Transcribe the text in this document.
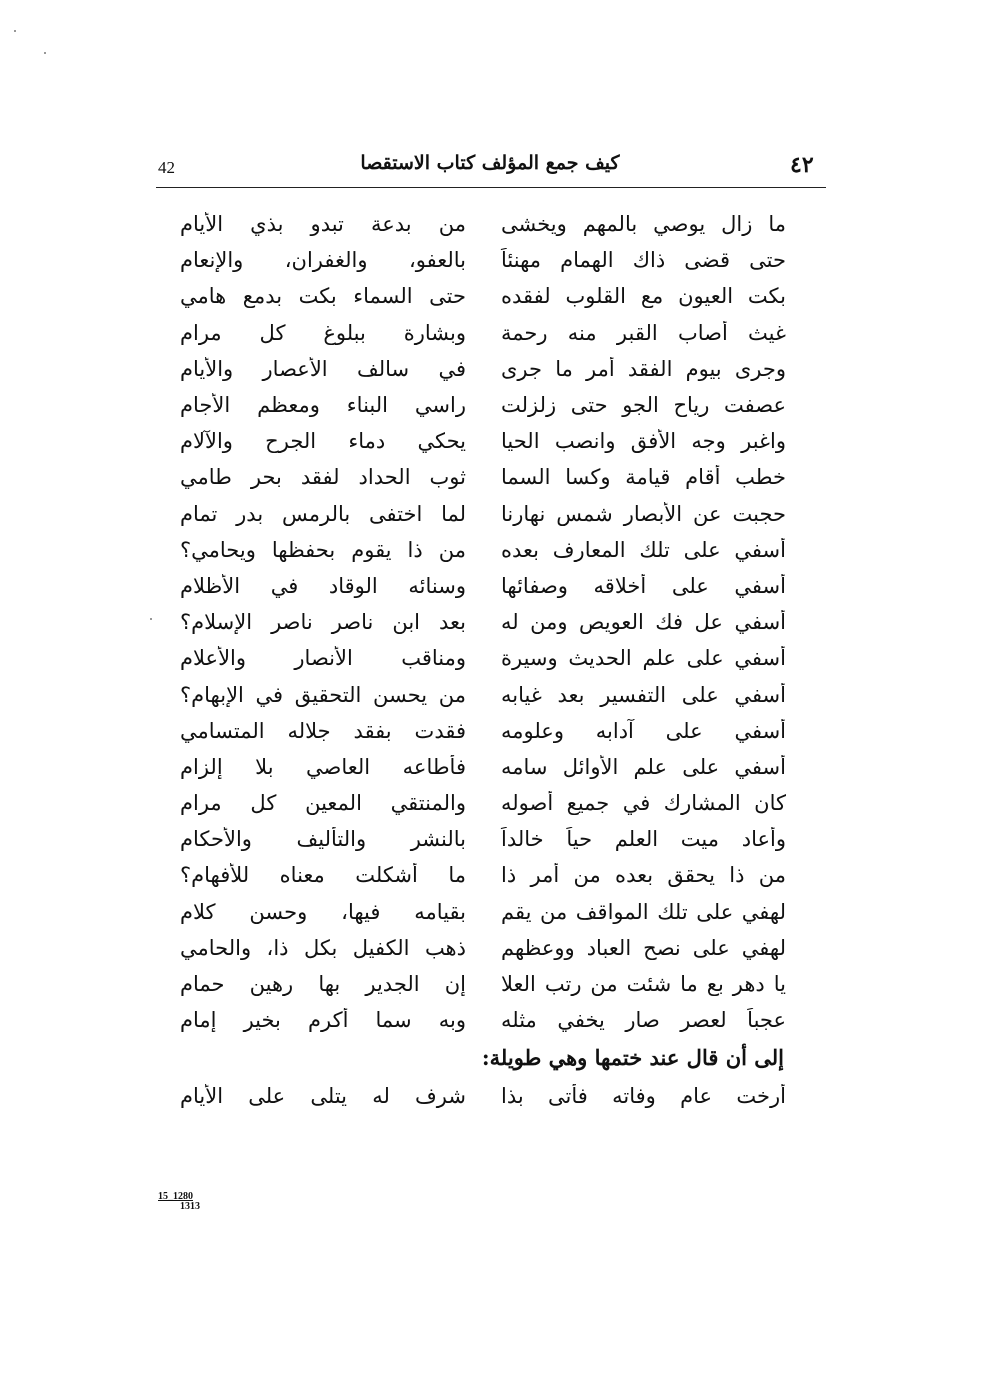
42	كيف جمع المؤلف كتاب الاستقصا	٤٢
ما زال يوصي بالمهم ويخشى
من بدعة تبدو بذي الأيام
حتى قضى ذاك الهمام مهنئاً
بالعفو، والغفران، والإنعام
بكت العيون مع القلوب لفقده
حتى السماء بكت بدمع هامي
غيث أصاب القبر منه رحمة
وبشارة ببلوغ كل مرام
وجرى بيوم الفقد أمر ما جرى
في سالف الأعصار والأيام
عصفت رياح الجو حتى زلزلت
راسي البناء ومعظم الأجام
واغبر وجه الأفق وانصب الحيا
يحكي دماء الجرح والآلام
خطب أقام قيامة وكسا السما
ثوب الحداد لفقد بحر طامي
حجبت عن الأبصار شمس نهارنا
لما اختفى بالرمس بدر تمام
أسفي على تلك المعارف بعده
من ذا يقوم بحفظها ويحامي؟
أسفي على أخلاقه وصفائها
وسنائه الوقاد في الأظلام
أسفي عل فك العويص ومن له
بعد ابن ناصر ناصر الإسلام؟
أسفي على علم الحديث وسيرة
ومناقب الأنصار والأعلام
أسفي على التفسير بعد غيابه
من يحسن التحقيق في الإبهام؟
أسفي على آدابه وعلومه
فقدت بفقد جلاله المتسامي
أسفي على علم الأوائل سامه
فأطاعه العاصي بلا إلزام
كان المشارك في جميع أصوله
والمنتقي المعين كل مرام
وأعاد ميت العلم حياً خالداً
بالنشر والتأليف والأحكام
من ذا يحقق بعده من أمر ذا
ما أشكلت معناه للأفهام؟
لهفي على تلك المواقف من يقم
بقيامه فيها، وحسن كلام
لهفي على نصح العباد ووعظهم
ذهب الكفيل بكل ذا، والحامي
يا دهر بع ما شئت من رتب العلا
إن الجدير بها رهين حمام
عجباً لعصر صار يخفي مثله
وبه سما أكرم بخير إمام
إلى أن قال عند ختمها وهي طويلة:
أرخت عام وفاته فأتى بذا
شرف له يتلى على الأيام
15_1280
1313
